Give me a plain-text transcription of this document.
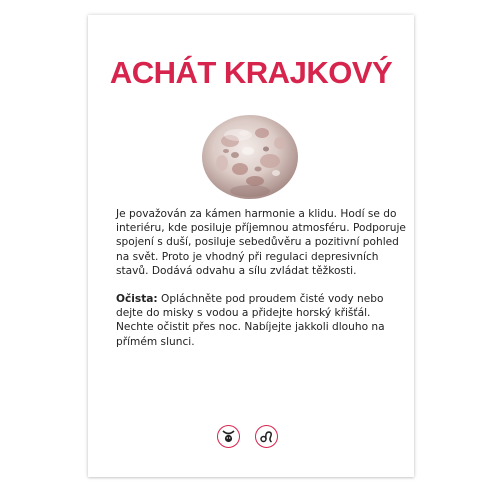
ACHÁT KRAJKOVÝ

Je považován za kámen harmonie a klidu. Hodí se do interiéru, kde posiluje příjemnou atmosféru. Podporuje spojení s duší, posiluje sebedůvěru a pozitivní pohled na svět. Proto je vhodný při regulaci depresivních stavů. Dodává odvahu a sílu zvládat těžkosti.

Očista: Opláchněte pod proudem čisté vody nebo dejte do misky s vodou a přidejte horský křišťál. Nechte očistit přes noc. Nabíjejte jakkoli dlouho na přímém slunci.
